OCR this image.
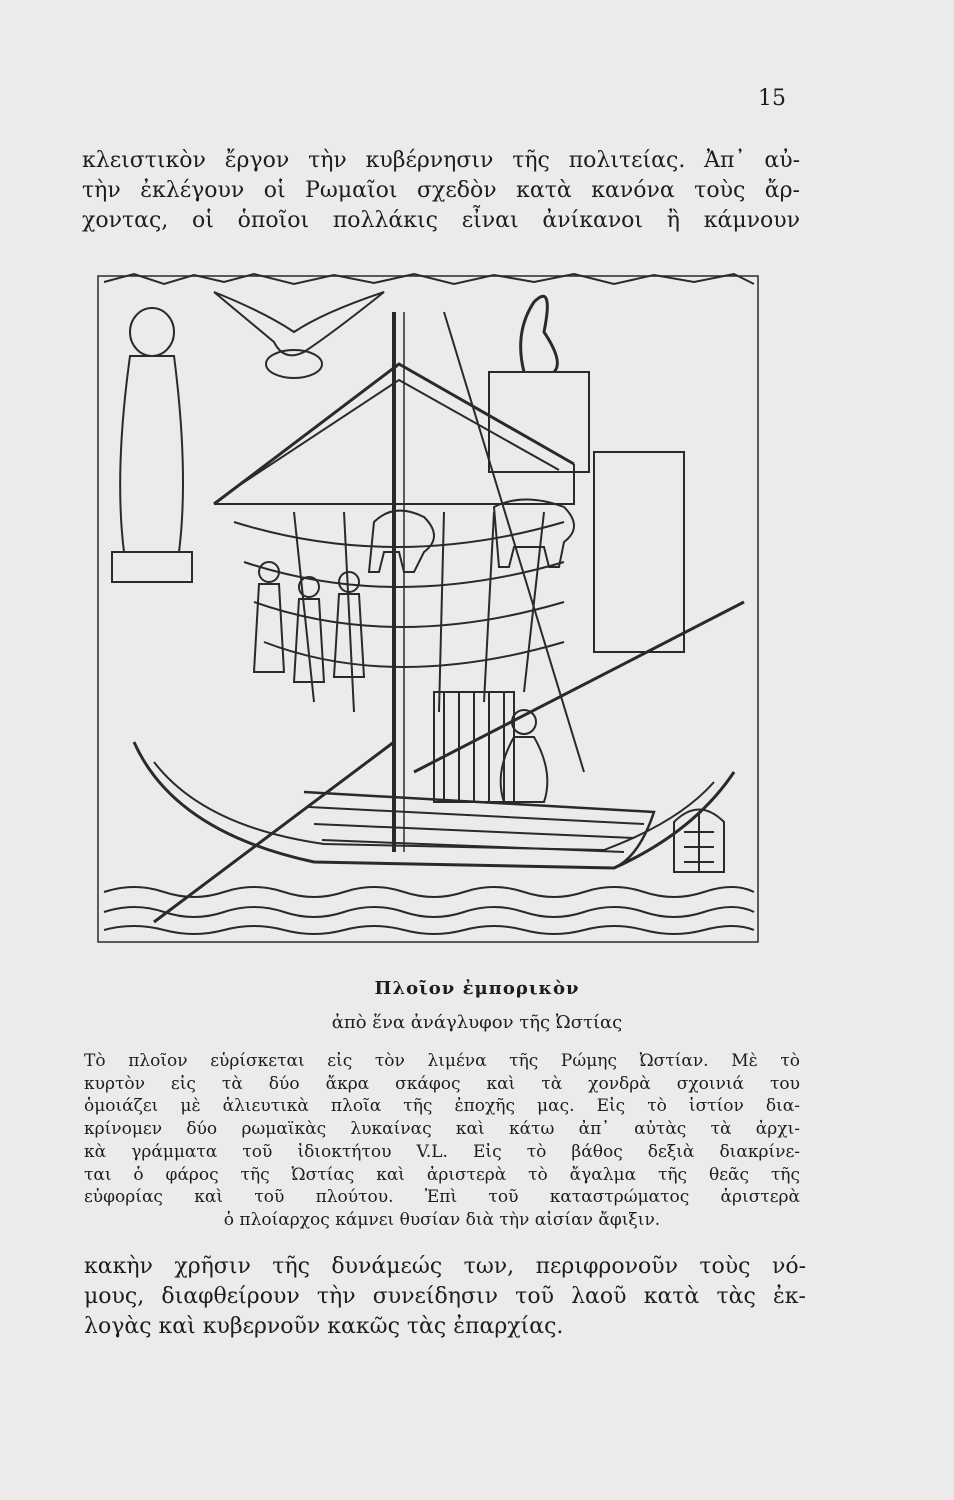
15
κλειστικὸν ἔργον τὴν κυβέρνησιν τῆς πολιτείας. Ἀπ᾿ αὐ-
τὴν ἐκλέγουν οἱ Ρωμαῖοι σχεδὸν κατὰ κανόνα τοὺς ἄρ-
χοντας, οἱ ὁποῖοι πολλάκις εἶναι ἀνίκανοι ἢ κάμνουν
Πλοῖον ἐμπορικὸν
ἀπὸ ἕνα ἀνάγλυφον τῆς Ὠστίας
Τὸ πλοῖον εὑρίσκεται εἰς τὸν λιμένα τῆς Ρώμης Ὠστίαν. Μὲ τὸ
κυρτὸν εἰς τὰ δύο ἄκρα σκάφος καὶ τὰ χονδρὰ σχοινιά του
ὁμοιάζει μὲ ἁλιευτικὰ πλοῖα τῆς ἐποχῆς μας. Εἰς τὸ ἱστίον δια-
κρίνομεν δύο ρωμαϊκὰς λυκαίνας καὶ κάτω ἀπ᾿ αὐτὰς τὰ ἀρχι-
κὰ γράμματα τοῦ ἰδιοκτήτου V.L. Εἰς τὸ βάθος δεξιὰ διακρίνε-
ται ὁ φάρος τῆς Ὠστίας καὶ ἀριστερὰ τὸ ἄγαλμα τῆς θεᾶς τῆς
εὐφορίας καὶ τοῦ πλούτου. Ἐπὶ τοῦ καταστρώματος ἀριστερὰ
ὁ πλοίαρχος κάμνει θυσίαν διὰ τὴν αἰσίαν ἄφιξιν.
κακὴν χρῆσιν τῆς δυνάμεώς των, περιφρονοῦν τοὺς νό-
μους, διαφθείρουν τὴν συνείδησιν τοῦ λαοῦ κατὰ τὰς ἐκ-
λογὰς καὶ κυβερνοῦν κακῶς τὰς ἐπαρχίας.
